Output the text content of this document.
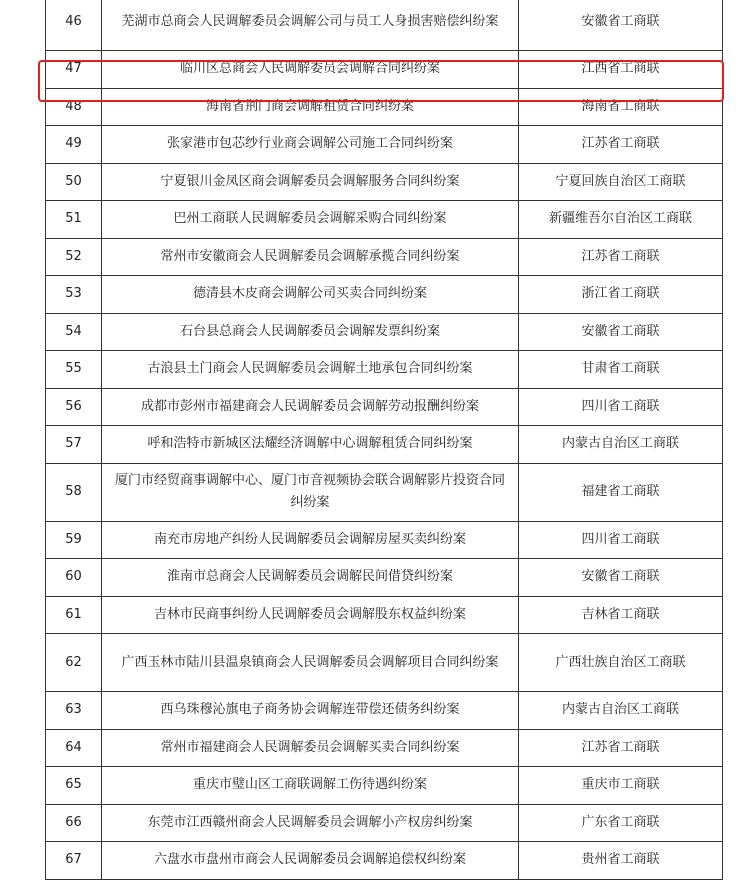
46	芜湖市总商会人民调解委员会调解公司与员工人身损害赔偿纠纷案	安徽省工商联
47	临川区总商会人民调解委员会调解合同纠纷案	江西省工商联
48	海南省荆门商会调解租赁合同纠纷案	海南省工商联
49	张家港市包芯纱行业商会调解公司施工合同纠纷案	江苏省工商联
50	宁夏银川金凤区商会调解委员会调解服务合同纠纷案	宁夏回族自治区工商联
51	巴州工商联人民调解委员会调解采购合同纠纷案	新疆维吾尔自治区工商联
52	常州市安徽商会人民调解委员会调解承揽合同纠纷案	江苏省工商联
53	德清县木皮商会调解公司买卖合同纠纷案	浙江省工商联
54	石台县总商会人民调解委员会调解发票纠纷案	安徽省工商联
55	古浪县土门商会人民调解委员会调解土地承包合同纠纷案	甘肃省工商联
56	成都市彭州市福建商会人民调解委员会调解劳动报酬纠纷案	四川省工商联
57	呼和浩特市新城区法耀经济调解中心调解租赁合同纠纷案	内蒙古自治区工商联
58	厦门市经贸商事调解中心、厦门市音视频协会联合调解影片投资合同纠纷案	福建省工商联
59	南充市房地产纠纷人民调解委员会调解房屋买卖纠纷案	四川省工商联
60	淮南市总商会人民调解委员会调解民间借贷纠纷案	安徽省工商联
61	吉林市民商事纠纷人民调解委员会调解股东权益纠纷案	吉林省工商联
62	广西玉林市陆川县温泉镇商会人民调解委员会调解项目合同纠纷案	广西壮族自治区工商联
63	西乌珠穆沁旗电子商务协会调解连带偿还债务纠纷案	内蒙古自治区工商联
64	常州市福建商会人民调解委员会调解买卖合同纠纷案	江苏省工商联
65	重庆市璧山区工商联调解工伤待遇纠纷案	重庆市工商联
66	东莞市江西赣州商会人民调解委员会调解小产权房纠纷案	广东省工商联
67	六盘水市盘州市商会人民调解委员会调解追偿权纠纷案	贵州省工商联
